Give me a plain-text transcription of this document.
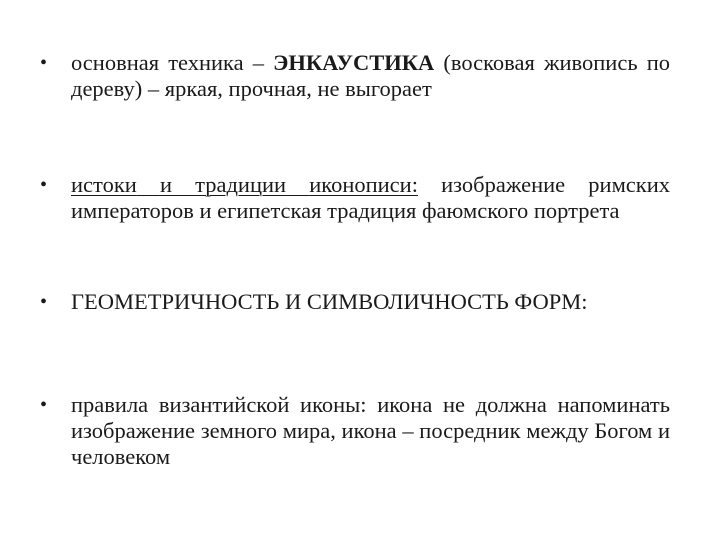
•	основная техника – ЭНКАУСТИКА (восковая живопись по дереву) – яркая, прочная, не выгорает
•	истоки и традиции иконописи: изображение римских императоров и египетская традиция фаюмского портрета
•	ГЕОМЕТРИЧНОСТЬ И СИМВОЛИЧНОСТЬ ФОРМ:
•	правила византийской иконы: икона не должна напоминать изображение земного мира, икона – посредник между Богом и человеком
